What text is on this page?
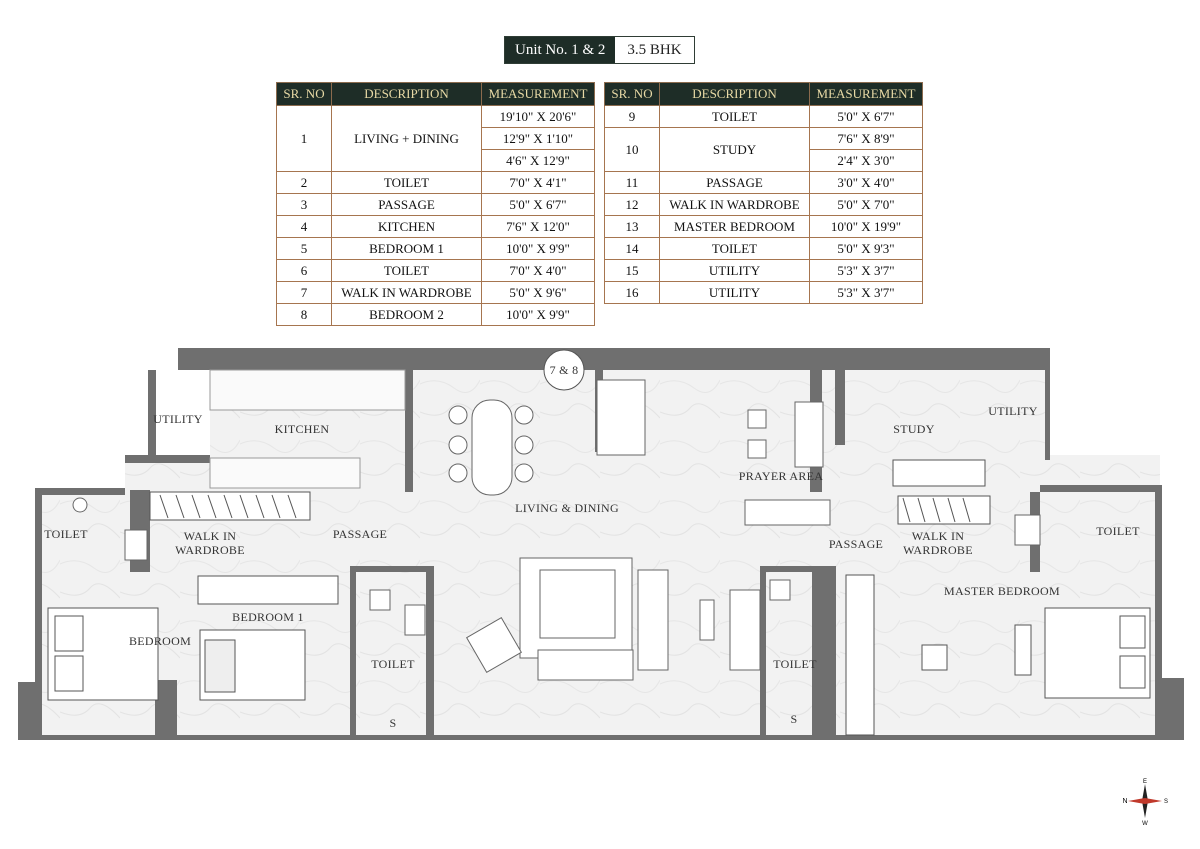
Unit No. 1 & 2	3.5 BHK
SR. NO	DESCRIPTION	MEASUREMENT
1	LIVING + DINING	19'10" X 20'6"
		12'9" X 1'10"
		4'6" X 12'9"
2	TOILET	7'0" X 4'1"
3	PASSAGE	5'0" X 6'7"
4	KITCHEN	7'6" X 12'0"
5	BEDROOM 1	10'0" X 9'9"
6	TOILET	7'0" X 4'0"
7	WALK IN WARDROBE	5'0" X 9'6"
8	BEDROOM 2	10'0" X 9'9"
SR. NO	DESCRIPTION	MEASUREMENT
9	TOILET	5'0" X 6'7"
10	STUDY	7'6" X 8'9"
		2'4" X 3'0"
11	PASSAGE	3'0" X 4'0"
12	WALK IN WARDROBE	5'0" X 7'0"
13	MASTER BEDROOM	10'0" X 19'9"
14	TOILET	5'0" X 9'3"
15	UTILITY	5'3" X 3'7"
16	UTILITY	5'3" X 3'7"
7 & 8
UTILITY
KITCHEN
TOILET	WALK IN
WARDROBE
PASSAGE
BEDROOM
BEDROOM 1
TOILET
LIVING & DINING
PRAYER AREA
STUDY
UTILITY
TOILET
WALK IN
WARDROBE
PASSAGE
MASTER BEDROOM
TOILET
S	S
E
N	S
W
